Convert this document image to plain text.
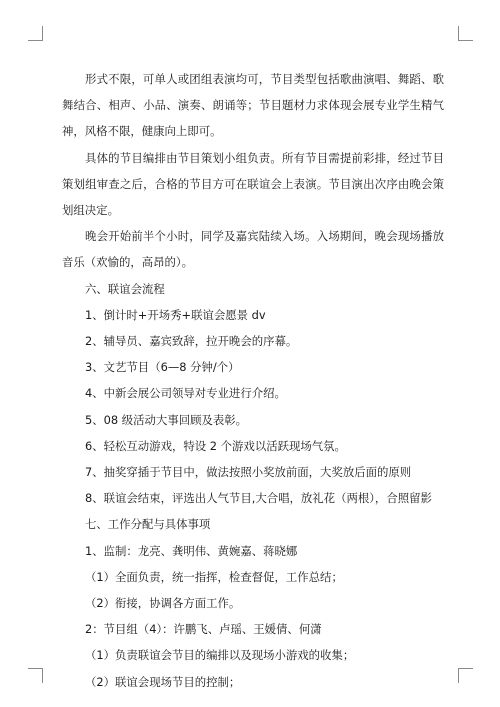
形式不限，可单人或团组表演均可，节目类型包括歌曲演唱、舞蹈、歌舞结合、相声、小品、演奏、朗诵等；节目题材力求体现会展专业学生精气神，风格不限，健康向上即可。

具体的节目编排由节目策划小组负责。所有节目需提前彩排，经过节目策划组审查之后，合格的节目方可在联谊会上表演。节目演出次序由晚会策划组决定。

晚会开始前半个小时，同学及嘉宾陆续入场。入场期间，晚会现场播放音乐（欢愉的，高昂的）。

六、联谊会流程

1、倒计时+开场秀+联谊会愿景 dv

2、辅导员、嘉宾致辞，拉开晚会的序幕。

3、文艺节目（6—8 分钟/个）

4、中新会展公司领导对专业进行介绍。

5、08 级活动大事回顾及表彰。

6、轻松互动游戏，特设 2 个游戏以活跃现场气氛。

7、抽奖穿插于节目中，做法按照小奖放前面，大奖放后面的原则

8、联谊会结束，评选出人气节目,大合唱，放礼花（两根），合照留影

七、工作分配与具体事项

1、监制：龙亮、龚明伟、黄婉嘉、蒋晓娜

（1）全面负责，统一指挥，检查督促，工作总结；

（2）衔接，协调各方面工作。

2：节目组（4）：许鹏飞、卢瑶、王媛倩、何潇

（1）负责联谊会节目的编排以及现场小游戏的收集；

（2）联谊会现场节目的控制；
